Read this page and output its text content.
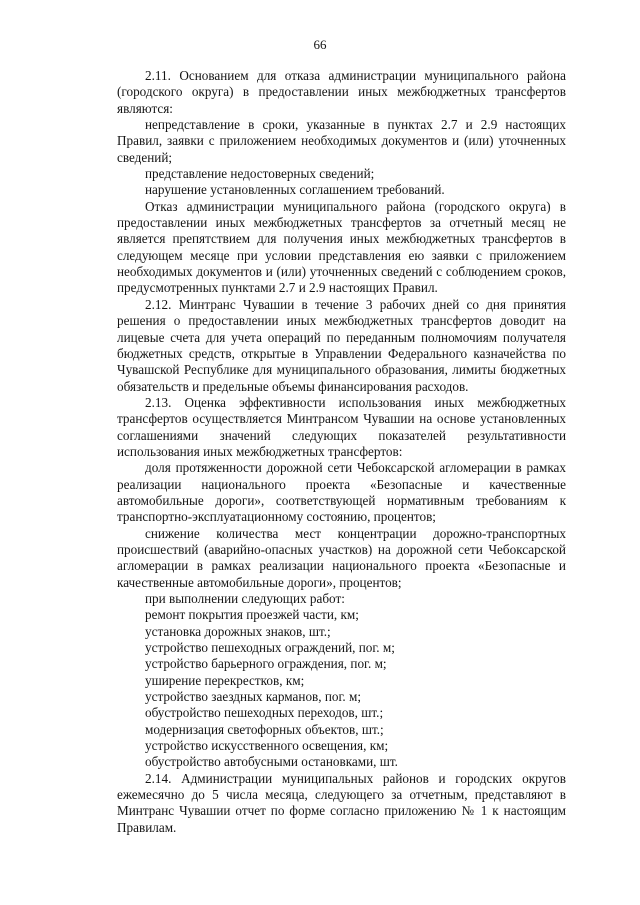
66

2.11. Основанием для отказа администрации муниципального района (городского округа) в предоставлении иных межбюджетных трансфертов являются:

непредставление в сроки, указанные в пунктах 2.7 и 2.9 настоящих Правил, заявки с приложением необходимых документов и (или) уточненных сведений;

представление недостоверных сведений;

нарушение установленных соглашением требований.

Отказ администрации муниципального района (городского округа) в предоставлении иных межбюджетных трансфертов за отчетный месяц не является препятствием для получения иных межбюджетных трансфертов в следующем месяце при условии представления ею заявки с приложением необходимых документов и (или) уточненных сведений с соблюдением сроков, предусмотренных пунктами 2.7 и 2.9 настоящих Правил.

2.12. Минтранс Чувашии в течение 3 рабочих дней со дня принятия решения о предоставлении иных межбюджетных трансфертов доводит на лицевые счета для учета операций по переданным полномочиям получателя бюджетных средств, открытые в Управлении Федерального казначейства по Чувашской Республике для муниципального образования, лимиты бюджетных обязательств и предельные объемы финансирования расходов.

2.13. Оценка эффективности использования иных межбюджетных трансфертов осуществляется Минтрансом Чувашии на основе установленных соглашениями значений следующих показателей результативности использования иных межбюджетных трансфертов:

доля протяженности дорожной сети Чебоксарской агломерации в рамках реализации национального проекта «Безопасные и качественные автомобильные дороги», соответствующей нормативным требованиям к транспортно-эксплуатационному состоянию, процентов;

снижение количества мест концентрации дорожно-транспортных происшествий (аварийно-опасных участков) на дорожной сети Чебоксарской агломерации в рамках реализации национального проекта «Безопасные и качественные автомобильные дороги», процентов;

при выполнении следующих работ:

ремонт покрытия проезжей части, км;

установка дорожных знаков, шт.;

устройство пешеходных ограждений, пог. м;

устройство барьерного ограждения, пог. м;

уширение перекрестков, км;

устройство заездных карманов, пог. м;

обустройство пешеходных переходов, шт.;

модернизация светофорных объектов, шт.;

устройство искусственного освещения, км;

обустройство автобусными остановками, шт.

2.14. Администрации муниципальных районов и городских округов ежемесячно до 5 числа месяца, следующего за отчетным, представляют в Минтранс Чувашии отчет по форме согласно приложению № 1 к настоящим Правилам.
